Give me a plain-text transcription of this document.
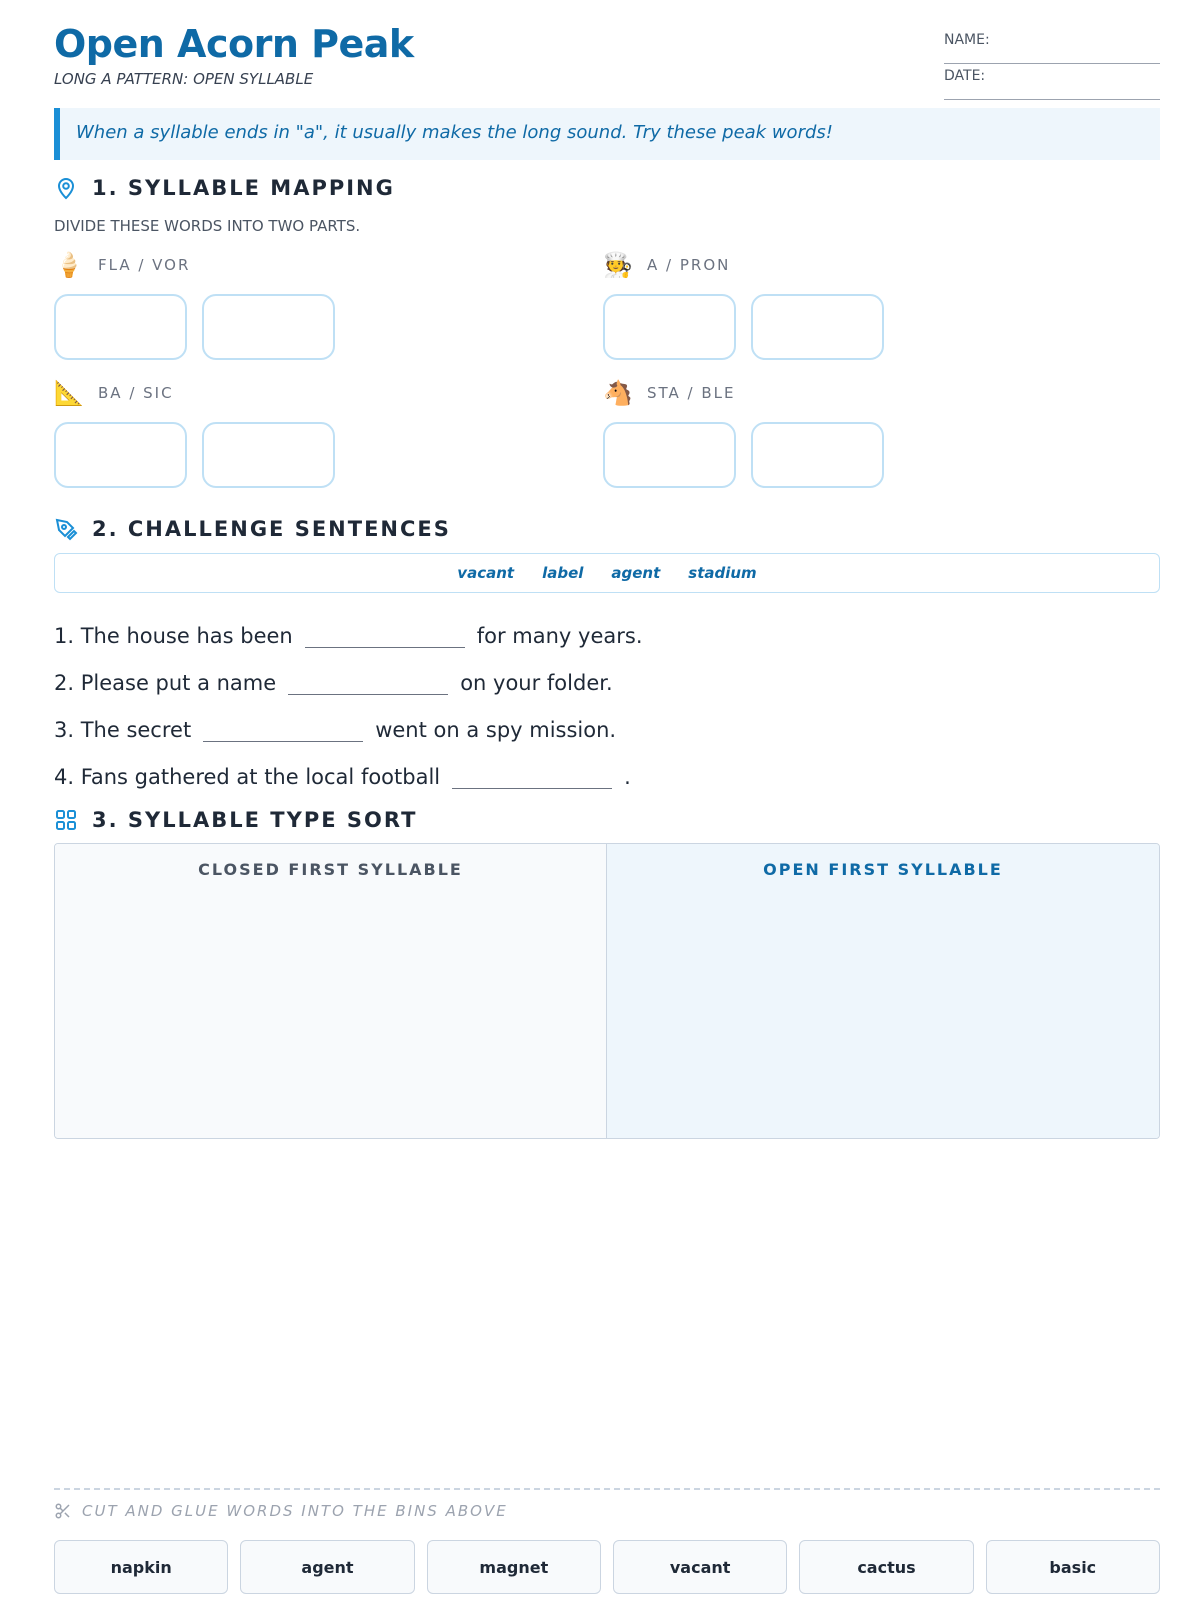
Open Acorn Peak
LONG A PATTERN: OPEN SYLLABLE
NAME:
DATE:
When a syllable ends in "a", it usually makes the long sound. Try these peak words!
1. SYLLABLE MAPPING
DIVIDE THESE WORDS INTO TWO PARTS.
🍦 FLA / VOR	🧑‍🍳 A / PRON
📐 BA / SIC	🐴 STA / BLE
2. CHALLENGE SENTENCES
vacant label agent stadium
1. The house has been	for many years.
2. Please put a name	on your folder.
3. The secret	went on a spy mission.
4. Fans gathered at the local football	.
3. SYLLABLE TYPE SORT
CLOSED FIRST SYLLABLE	OPEN FIRST SYLLABLE
CUT AND GLUE WORDS INTO THE BINS ABOVE
napkin	agent	magnet	vacant	cactus	basic
